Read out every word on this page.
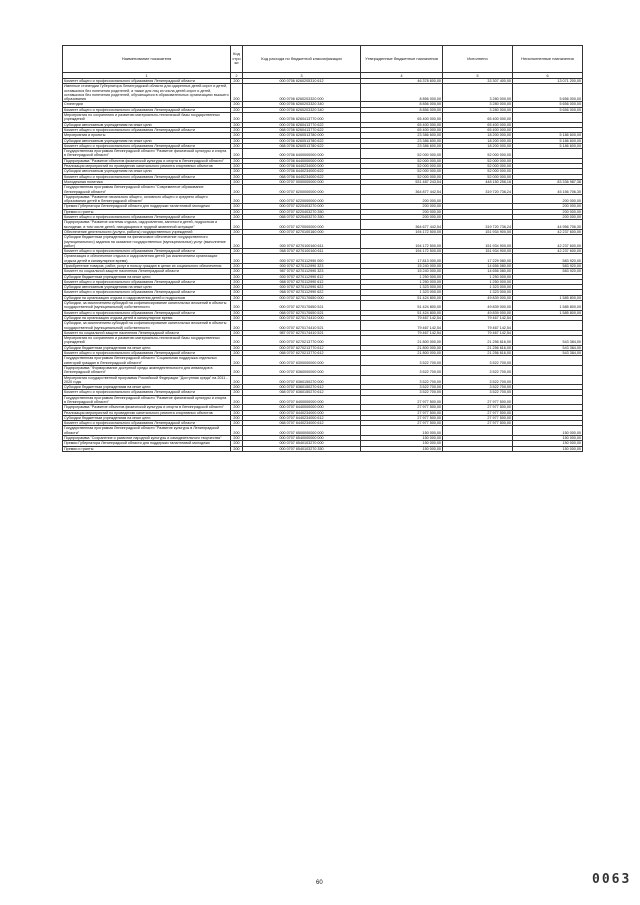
Наименование показателя	Код стро ки	Код расхода по бюджетной классификации	Утвержденные бюджетные назначения	Исполнено	Неисполненные назначения
1	2	3	4	5	6
Комитет общего и профессионального образования Ленинградской области	200	000 0706 6260205310 612	46 378 600,00	33 307 400,00	13 071 200,00
Именные стипендии Губернатора Ленинградской области для одаренных детей-сирот и детей, оставшихся без попечения родителей, а также для лиц из числа детей-сирот и детей, оставшихся без попечения родителей, обучающихся в образовательных организациях высшего образования	200	000 0706 6260203320 000	8 856 000,00	3 280 000,00	5 656 000,00
Стипендии	200	000 0706 6260203320 340	8 856 000,00	3 280 000,00	5 656 000,00
Комитет общего и профессионального образования Ленинградской области	200	000 0706 6260203320 340	8 856 000,00	3 280 000,00	5 656 000,00
Мероприятия по сохранению и развитию материально-технической базы государственных учреждений	200	000 0706 6260413770 000	65 400 000,00	65 400 000,00	
Субсидии автономным учреждениям на иные цели	200	000 0706 6260413770 622	65 400 000,00	65 400 000,00	
Комитет общего и профессионального образования Ленинградской области	200	068 0706 6260413770 622	65 400 000,00	65 400 000,00	
Мероприятия и проекты	200	000 0706 6260513780 000	23 386 600,00	18 200 000,00	5 186 600,00
Субсидии автономным учреждениям на иные цели	200	000 0706 6260513780 622	23 386 600,00	18 200 000,00	5 186 600,00
Комитет общего и профессионального образования Ленинградской области	200	068 0706 6260513780 622	23 386 600,00	18 200 000,00	5 186 600,00
Государственная программа Ленинградской области "Развитие физической культуры и спорта в Ленинградской области"	200	000 0706 6400000000 000	52 000 000,00	52 000 000,00	
Подпрограмма "Развитие объектов физической культуры и спорта в Ленинградской области"	200	000 0706 6440000000 000	52 000 000,00	52 000 000,00	
Реализация мероприятий по проведению капитального ремонта спортивных объектов	200	000 0706 6440234000 000	52 000 000,00	52 000 000,00	
Субсидии автономным учреждениям на иные цели	200	000 0706 6440234000 622	52 000 000,00	52 000 000,00	
Комитет общего и профессионального образования Ленинградской области	200	068 0706 6440234000 622	52 000 000,00	52 000 000,00	
Молодежная политика	200	000 0707 0000000000 000	531 487 243,54	448 150 256,16	83 336 987,38
Государственная программа Ленинградской области "Современное образование Ленинградской области"	200	000 0707 6200000000 000	364 877 442,54	319 720 736,24	45 156 706,30
Подпрограмма "Развитие начального общего, основного общего и среднего общего образования детей в Ленинградской области"	200	000 0707 6220000000 000	200 000,00		200 000,00
Премия Губернатора Ленинградской области для поддержки талантливой молодежи	200	000 0707 6220403270 000	200 000,00		200 000,00
Премии и гранты	200	000 0707 6220403270 350	200 000,00		200 000,00
Комитет общего и профессионального образования Ленинградской области	200	068 0707 6220403270 350	200 000,00		200 000,00
Подпрограмма "Развитие системы отдыха, оздоровления, занятости детей, подростков и молодежи, в том числе детей, находящихся в трудной жизненной ситуации"	200	000 0707 6270000000 000	364 677 442,54	319 720 736,24	44 956 706,30
Обеспечение деятельности (услуги, работы) государственных учреждений	200	000 0707 6270100160 000	194 172 500,00	151 934 900,00	42 237 600,00
Субсидии бюджетным учреждениям на финансовое обеспечение государственного (муниципального) задания на оказание государственных (муниципальных) услуг (выполнение работ)	200	000 0707 6270100160 611	194 172 500,00	151 934 900,00	42 237 600,00
Комитет общего и профессионального образования Ленинградской области	200	068 0707 6270100160 611	194 172 500,00	151 934 900,00	42 237 600,00
Организация и обеспечение отдыха и оздоровления детей (за исключением организации отдыха детей в каникулярное время)	200	000 0707 6270112990 000	17 813 000,00	17 229 080,00	583 920,00
Приобретение товаров, работ, услуг в пользу граждан в целях их социального обеспечения	200	000 0707 6270112990 323	15 240 000,00	14 656 080,00	583 920,00
Комитет по социальной защите населения Ленинградской области	200	987 0707 6270112990 323	15 240 000,00	14 656 080,00	583 920,00
Субсидии бюджетным учреждениям на иные цели	200	000 0707 6270112990 612	1 250 000,00	1 250 000,00	
Комитет общего и профессионального образования Ленинградской области	200	068 0707 6270112990 612	1 250 000,00	1 250 000,00	
Субсидии автономным учреждениям на иные цели	200	000 0707 6270112990 622	1 323 000,00	1 323 000,00	
Комитет общего и профессионального образования Ленинградской области	200	068 0707 6270112990 622	1 323 000,00	1 323 000,00	
Субсидии на организацию отдыха и оздоровления детей и подростков	200	000 0707 6270170650 000	51 424 800,00	49 839 000,00	1 585 800,00
Субсидии, за исключением субсидий на софинансирование капитальных вложений в объекты государственной (муниципальной) собственности	200	000 0707 6270170650 521	51 424 800,00	49 839 000,00	1 585 800,00
Комитет общего и профессионального образования Ленинградской области	200	068 0707 6270170650 521	51 424 800,00	49 839 000,00	1 585 800,00
Субсидии на организацию отдыха детей в каникулярное время	200	000 0707 6270174410 000	79 467 142,54	79 467 142,54	
Субсидии, за исключением субсидий на софинансирование капитальных вложений в объекты государственной (муниципальной) собственности	200	000 0707 6270174410 521	79 467 142,54	79 467 142,54	
Комитет по социальной защите населения Ленинградской области	200	987 0707 6270174410 521	79 467 142,54	79 467 142,54	
Мероприятия по сохранению и развитию материально-технической базы государственных учреждений	200	000 0707 6270213770 000	21 800 000,00	21 256 616,00	543 384,00
Субсидии бюджетным учреждениям на иные цели	200	000 0707 6270213770 612	21 800 000,00	21 256 616,00	543 384,00
Комитет общего и профессионального образования Ленинградской области	200	068 0707 6270213770 612	21 800 000,00	21 256 616,00	543 384,00
Государственная программа Ленинградской области "Социальная поддержка отдельных категорий граждан в Ленинградской области"	200	000 0707 6300000000 000	3 522 700,00	3 522 700,00	
Подпрограмма "Формирование доступной среды жизнедеятельности для инвалидов в Ленинградской области"	200	000 0707 6360000000 000	3 522 700,00	3 522 700,00	
Мероприятия государственной программы Российской Федерации "Доступная среда" на 2011 - 2020 годы	200	000 0707 6360150270 000	3 522 700,00	3 522 700,00	
Субсидии бюджетным учреждениям на иные цели	200	000 0707 6360150270 612	3 522 700,00	3 522 700,00	
Комитет общего и профессионального образования Ленинградской области	200	068 0707 6360150270 612	3 522 700,00	3 522 700,00	
Государственная программа Ленинградской области "Развитие физической культуры и спорта в Ленинградской области"	200	000 0707 6400000000 000	27 977 500,00	27 977 500,00	
Подпрограмма "Развитие объектов физической культуры и спорта в Ленинградской области"	200	000 0707 6440000000 000	27 977 500,00	27 977 500,00	
Реализация мероприятий по проведению капитального ремонта спортивных объектов	200	000 0707 6440234000 000	27 977 500,00	27 977 500,00	
Субсидии бюджетным учреждениям на иные цели	200	000 0707 6440234000 612	27 977 500,00	27 977 500,00	
Комитет общего и профессионального образования Ленинградской области	200	068 0707 6440234000 612	27 977 500,00	27 977 500,00	
Государственная программа Ленинградской области "Развитие культуры в Ленинградской области"	200	000 0707 6500000000 000	150 000,00		150 000,00
Подпрограмма "Сохранение и развитие народной культуры и самодеятельного творчества"	200	000 0707 6540000000 000	150 000,00		150 000,00
Премии Губернатора Ленинградской области для поддержки талантливой молодежи	200	000 0707 6540103270 000	150 000,00		150 000,00
Премии и гранты	200	000 0707 6540103270 350	150 000,00		150 000,00
60	0063
